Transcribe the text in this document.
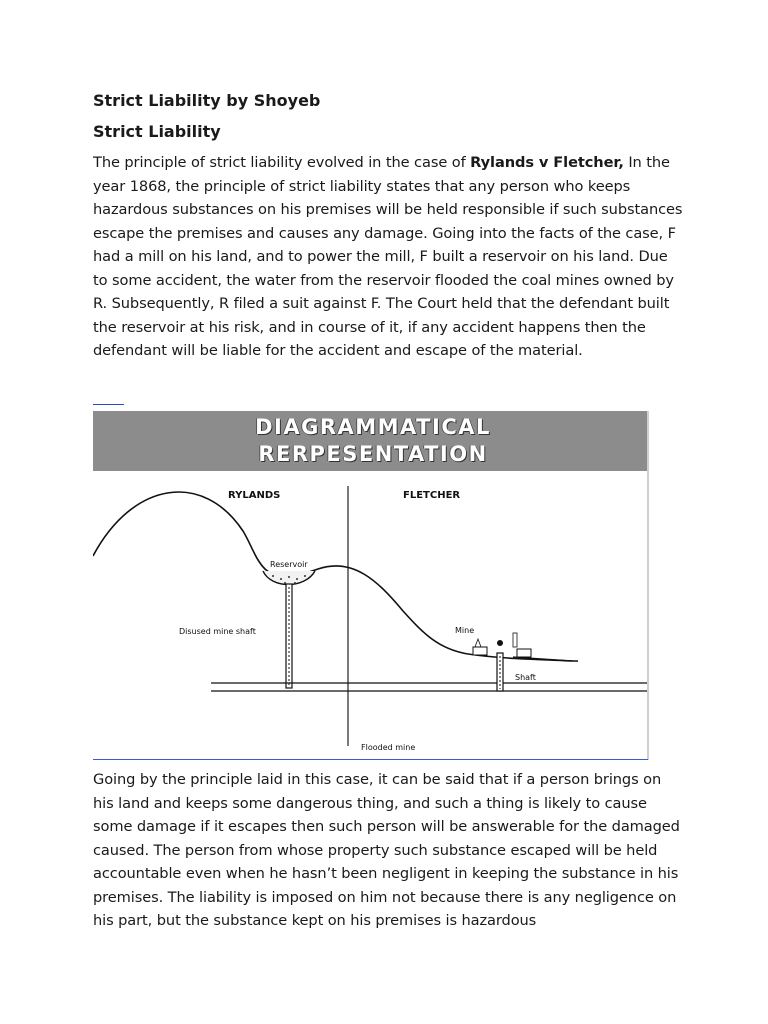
Strict Liability by Shoyeb

Strict Liability

The principle of strict liability evolved in the case of Rylands v Fletcher, In the year 1868, the principle of strict liability states that any person who keeps hazardous substances on his premises will be held responsible if such substances escape the premises and causes any damage. Going into the facts of the case, F had a mill on his land, and to power the mill, F built a reservoir on his land. Due to some accident, the water from the reservoir flooded the coal mines owned by R. Subsequently, R filed a suit against F. The Court held that the defendant built the reservoir at his risk, and in course of it, if any accident happens then the defendant will be liable for the accident and escape of the material.

DIAGRAMMATICAL
RERPESENTATION
RYLANDS	FLETCHER
Reservoir
Disused mine shaft	Mine
Shaft
Flooded mine

Going by the principle laid in this case, it can be said that if a person brings on his land and keeps some dangerous thing, and such a thing is likely to cause some damage if it escapes then such person will be answerable for the damaged caused. The person from whose property such substance escaped will be held accountable even when he hasn’t been negligent in keeping the substance in his premises. The liability is imposed on him not because there is any negligence on his part, but the substance kept on his premises is hazardous
